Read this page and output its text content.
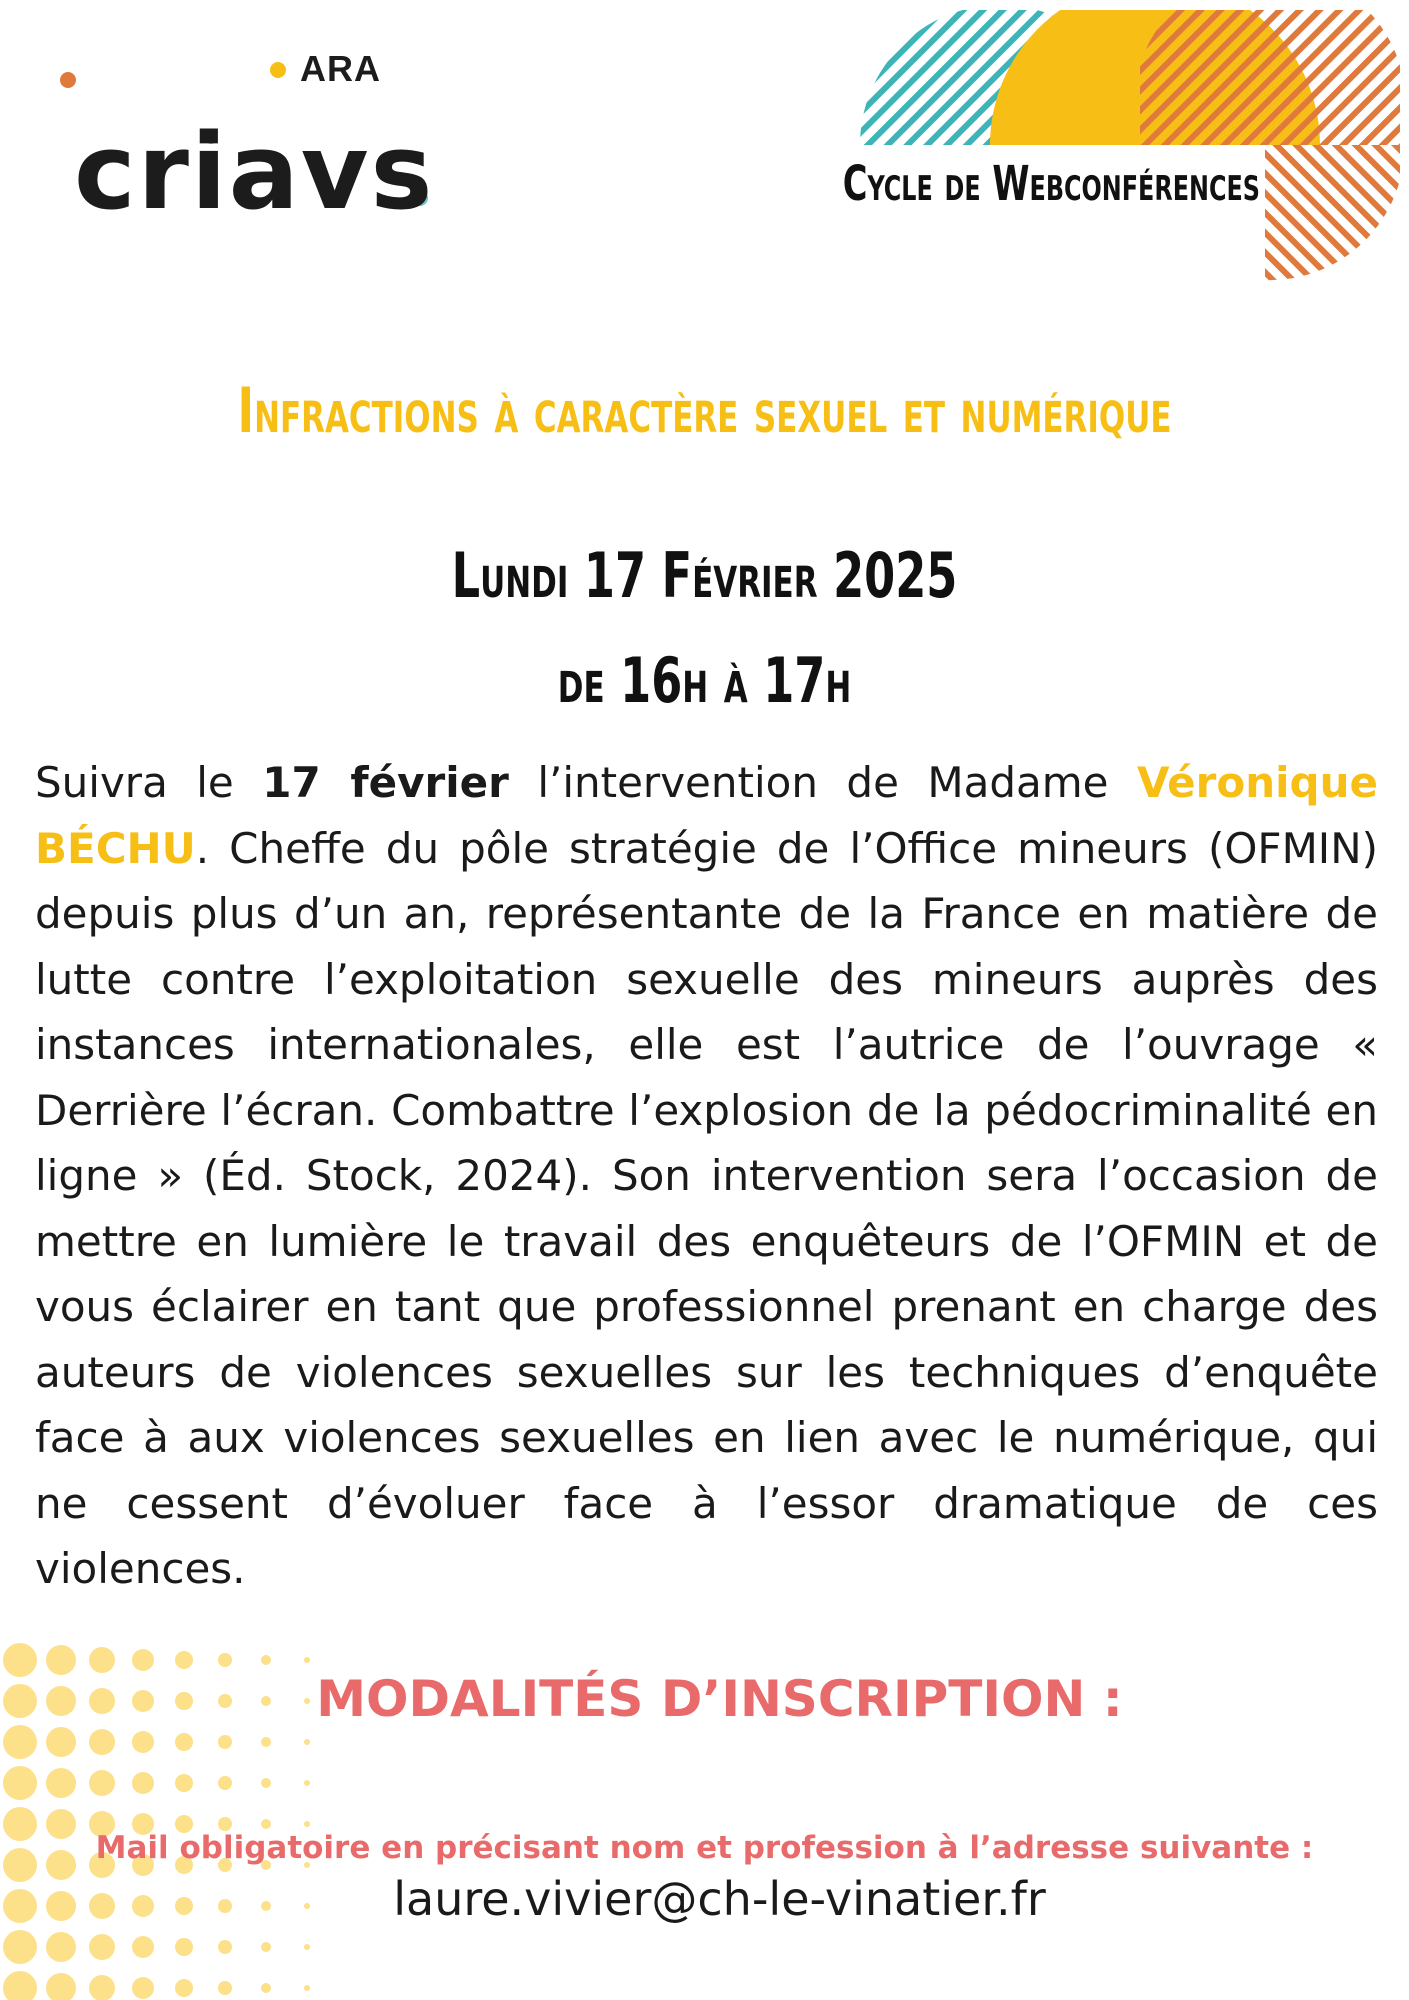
ARA
criavs	Cycle de Webconférences
Infractions à caractère sexuel et numérique
Lundi 17 Février 2025
de 16h à 17h
Suivra le 17 février l’intervention de Madame Véronique BÉCHU. Cheffe du pôle stratégie de l’Office mineurs (OFMIN) depuis plus d’un an, représentante de la France en matière de lutte contre l’exploitation sexuelle des mineurs auprès des instances internationales, elle est l’autrice de l’ouvrage « Derrière l’écran. Combattre l’explosion de la pédocriminalité en ligne » (Éd. Stock, 2024). Son intervention sera l’occasion de mettre en lumière le travail des enquêteurs de l’OFMIN et de vous éclairer en tant que professionnel prenant en charge des auteurs de violences sexuelles sur les techniques d’enquête face à aux violences sexuelles en lien avec le numérique, qui ne cessent d’évoluer face à l’essor dramatique de ces violences.
MODALITÉS D’INSCRIPTION :
Mail obligatoire en précisant nom et profession à l’adresse suivante :
laure.vivier@ch-le-vinatier.fr
